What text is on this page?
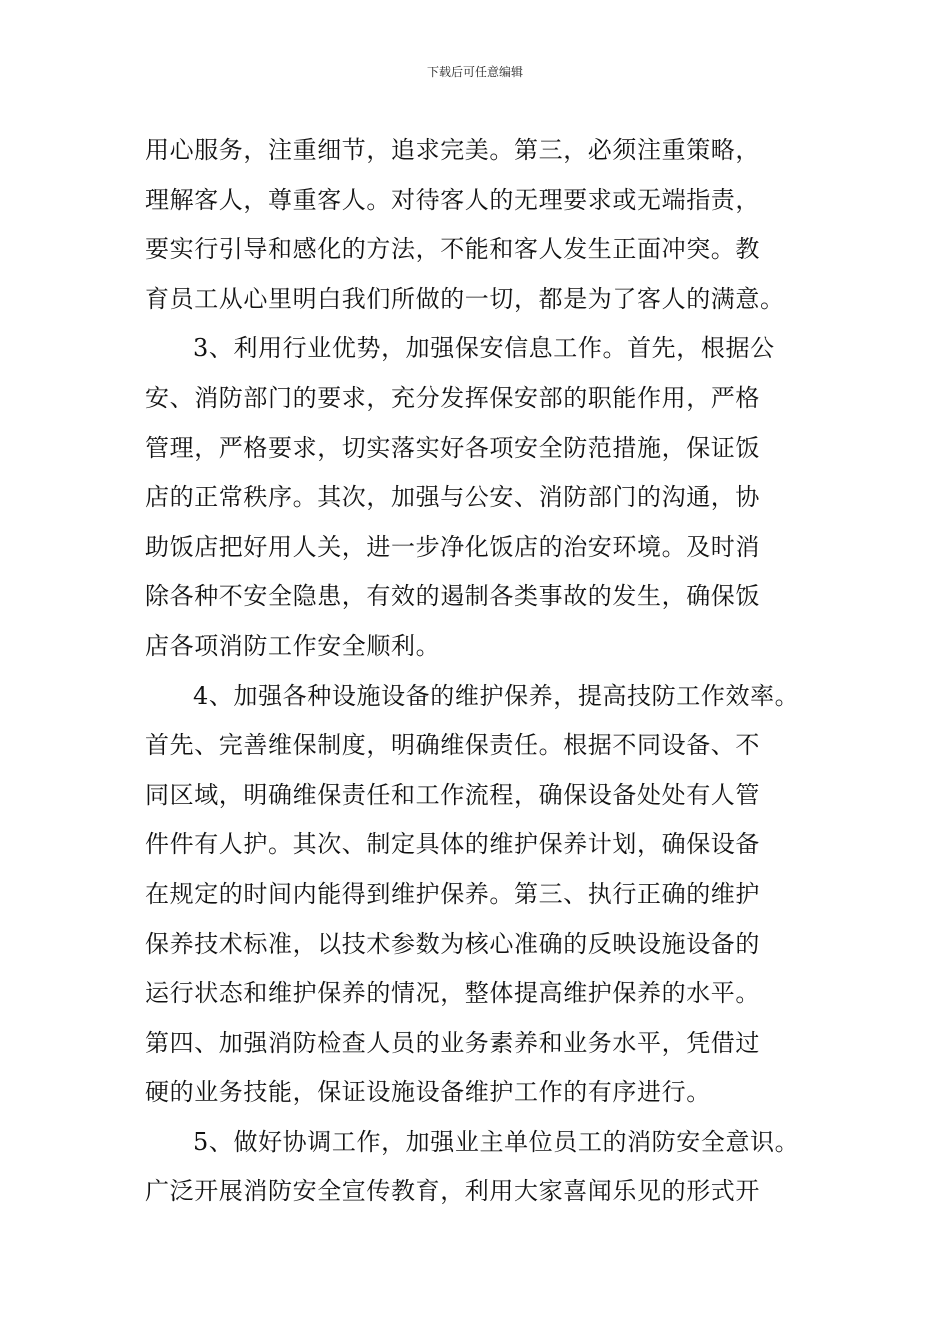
下载后可任意编辑
用心服务，注重细节，追求完美。第三，必须注重策略，
理解客人，尊重客人。对待客人的无理要求或无端指责，
要实行引导和感化的方法，不能和客人发生正面冲突。教
育员工从心里明白我们所做的一切，都是为了客人的满意。
3、利用行业优势，加强保安信息工作。首先，根据公
安、消防部门的要求，充分发挥保安部的职能作用，严格
管理，严格要求，切实落实好各项安全防范措施，保证饭
店的正常秩序。其次，加强与公安、消防部门的沟通，协
助饭店把好用人关，进一步净化饭店的治安环境。及时消
除各种不安全隐患，有效的遏制各类事故的发生，确保饭
店各项消防工作安全顺利。
4、加强各种设施设备的维护保养，提高技防工作效率。
首先、完善维保制度，明确维保责任。根据不同设备、不
同区域，明确维保责任和工作流程，确保设备处处有人管
件件有人护。其次、制定具体的维护保养计划，确保设备
在规定的时间内能得到维护保养。第三、执行正确的维护
保养技术标准，以技术参数为核心准确的反映设施设备的
运行状态和维护保养的情况，整体提高维护保养的水平。
第四、加强消防检查人员的业务素养和业务水平，凭借过
硬的业务技能，保证设施设备维护工作的有序进行。
5、做好协调工作，加强业主单位员工的消防安全意识。
广泛开展消防安全宣传教育，利用大家喜闻乐见的形式开
